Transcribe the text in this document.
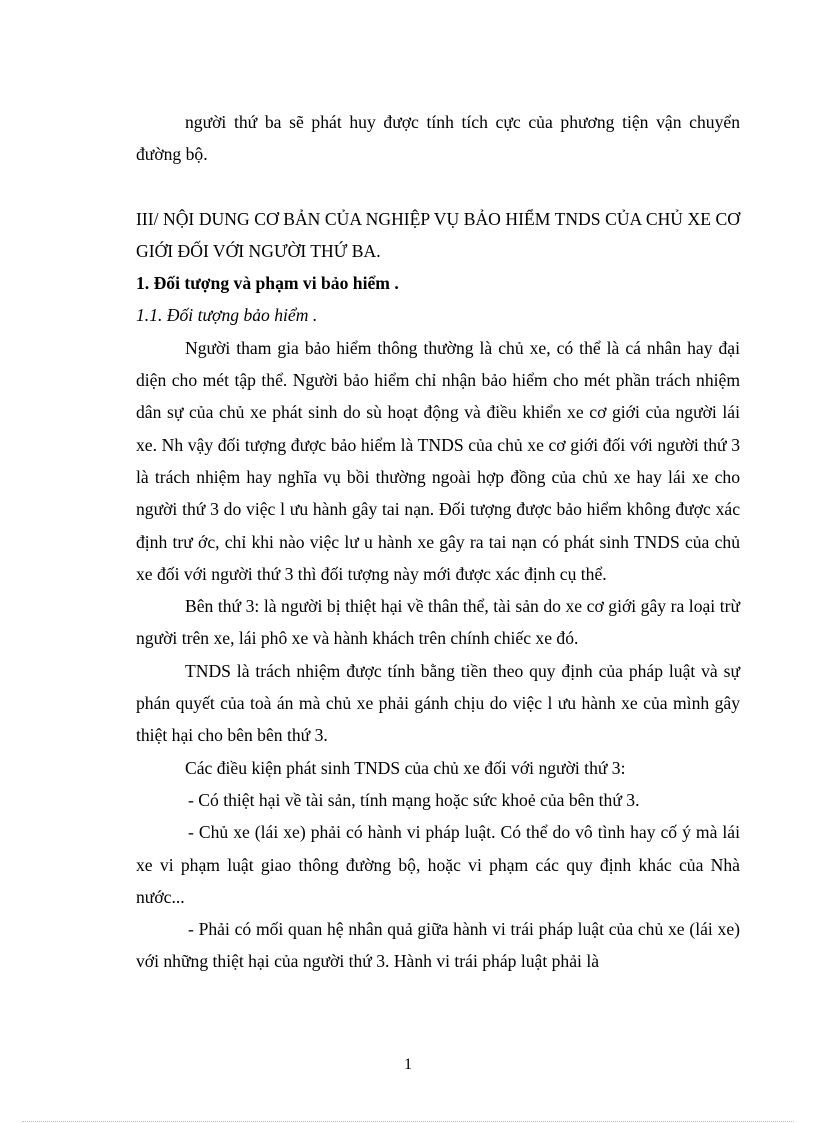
người thứ ba sẽ phát huy được tính tích cực của phương tiện vận chuyển đường bộ.

III/ NỘI DUNG CƠ BẢN CỦA NGHIỆP VỤ BẢO HIỂM TNDS CỦA CHỦ XE CƠ GIỚI ĐỐI VỚI NGƯỜI THỨ BA.

1. Đối tượng và phạm vi bảo hiểm .

1.1. Đối tượng bảo hiểm .

Người tham gia bảo hiểm thông thường là chủ xe, có thể là cá nhân hay đại diện cho mét tập thể. Người bảo hiểm chỉ nhận bảo hiểm cho mét phần trách nhiệm dân sự của chủ xe phát sinh do sù hoạt động và điều khiển xe cơ giới của người lái xe. Nh vậy đối tượng được bảo hiểm là TNDS của chủ xe cơ giới đối với người thứ 3 là trách nhiệm hay nghĩa vụ bồi thường ngoài hợp đồng của chủ xe hay lái xe cho người thứ 3 do việc l ưu hành gây tai nạn. Đối tượng được bảo hiểm không được xác định trư ớc, chỉ khi nào việc lư u hành xe gây ra tai nạn có phát sinh TNDS của chủ xe đối với người thứ 3 thì đối tượng này mới được xác định cụ thể.

Bên thứ 3: là người bị thiệt hại về thân thể, tài sản do xe cơ giới gây ra loại trừ người trên xe, lái phô xe và hành khách trên chính chiếc xe đó.

TNDS là trách nhiệm được tính bằng tiền theo quy định của pháp luật và sự phán quyết của toà án mà chủ xe phải gánh chịu do việc l ưu hành xe của mình gây thiệt hại cho bên bên thứ 3.

Các điều kiện phát sinh TNDS của chủ xe đối với người thứ 3:

- Có thiệt hại về tài sản, tính mạng hoặc sức khoẻ của bên thứ 3.

- Chủ xe (lái xe) phải có hành vi pháp luật. Có thể do vô tình hay cố ý mà lái xe vi phạm luật giao thông đường bộ, hoặc vi phạm các quy định khác của Nhà nước...

- Phải có mối quan hệ nhân quả giữa hành vi trái pháp luật của chủ xe (lái xe) với những thiệt hại của người thứ 3. Hành vi trái pháp luật phải là

1
